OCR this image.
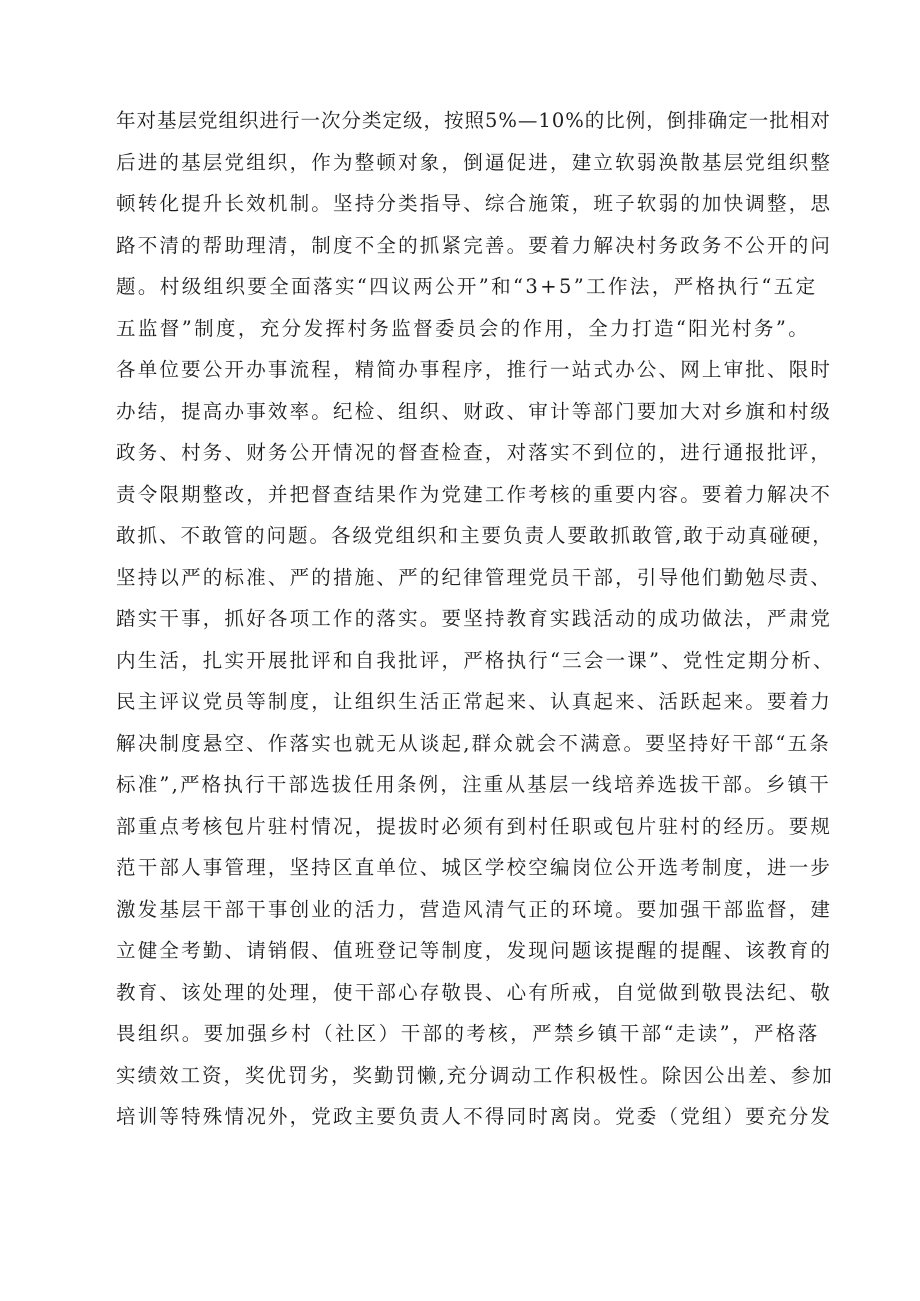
年对基层党组织进行一次分类定级，按照5%—10%的比例，倒排确定一批相对
后进的基层党组织，作为整顿对象，倒逼促进，建立软弱涣散基层党组织整
顿转化提升长效机制。坚持分类指导、综合施策，班子软弱的加快调整，思
路不清的帮助理清，制度不全的抓紧完善。要着力解决村务政务不公开的问
题。村级组织要全面落实“四议两公开”和“3+5”工作法，严格执行“五定
五监督”制度，充分发挥村务监督委员会的作用，全力打造“阳光村务”。
各单位要公开办事流程，精简办事程序，推行一站式办公、网上审批、限时
办结，提高办事效率。纪检、组织、财政、审计等部门要加大对乡旗和村级
政务、村务、财务公开情况的督查检查，对落实不到位的，进行通报批评，
责令限期整改，并把督查结果作为党建工作考核的重要内容。要着力解决不
敢抓、不敢管的问题。各级党组织和主要负责人要敢抓敢管,敢于动真碰硬，
坚持以严的标准、严的措施、严的纪律管理党员干部，引导他们勤勉尽责、
踏实干事，抓好各项工作的落实。要坚持教育实践活动的成功做法，严肃党
内生活，扎实开展批评和自我批评，严格执行“三会一课”、党性定期分析、
民主评议党员等制度，让组织生活正常起来、认真起来、活跃起来。要着力
解决制度悬空、作落实也就无从谈起,群众就会不满意。要坚持好干部“五条
标准”,严格执行干部选拔任用条例，注重从基层一线培养选拔干部。乡镇干
部重点考核包片驻村情况，提拔时必须有到村任职或包片驻村的经历。要规
范干部人事管理，坚持区直单位、城区学校空编岗位公开选考制度，进一步
激发基层干部干事创业的活力，营造风清气正的环境。要加强干部监督，建
立健全考勤、请销假、值班登记等制度，发现问题该提醒的提醒、该教育的
教育、该处理的处理，使干部心存敬畏、心有所戒，自觉做到敬畏法纪、敬
畏组织。要加强乡村（社区）干部的考核，严禁乡镇干部“走读”，严格落
实绩效工资，奖优罚劣，奖勤罚懒,充分调动工作积极性。除因公出差、参加
培训等特殊情况外，党政主要负责人不得同时离岗。党委（党组）要充分发
